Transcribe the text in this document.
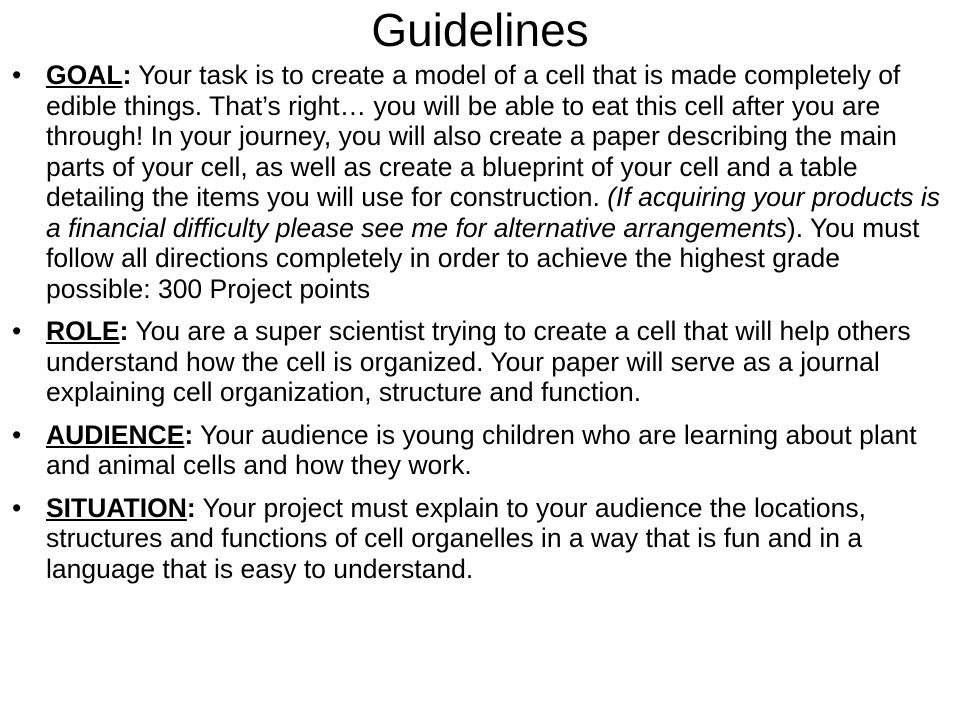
Guidelines
• GOAL: Your task is to create a model of a cell that is made completely of edible things. That’s right… you will be able to eat this cell after you are through! In your journey, you will also create a paper describing the main parts of your cell, as well as create a blueprint of your cell and a table detailing the items you will use for construction. (If acquiring your products is a financial difficulty please see me for alternative arrangements). You must follow all directions completely in order to achieve the highest grade possible: 300 Project points
• ROLE: You are a super scientist trying to create a cell that will help others understand how the cell is organized. Your paper will serve as a journal explaining cell organization, structure and function.
• AUDIENCE: Your audience is young children who are learning about plant and animal cells and how they work.
• SITUATION: Your project must explain to your audience the locations, structures and functions of cell organelles in a way that is fun and in a language that is easy to understand.
